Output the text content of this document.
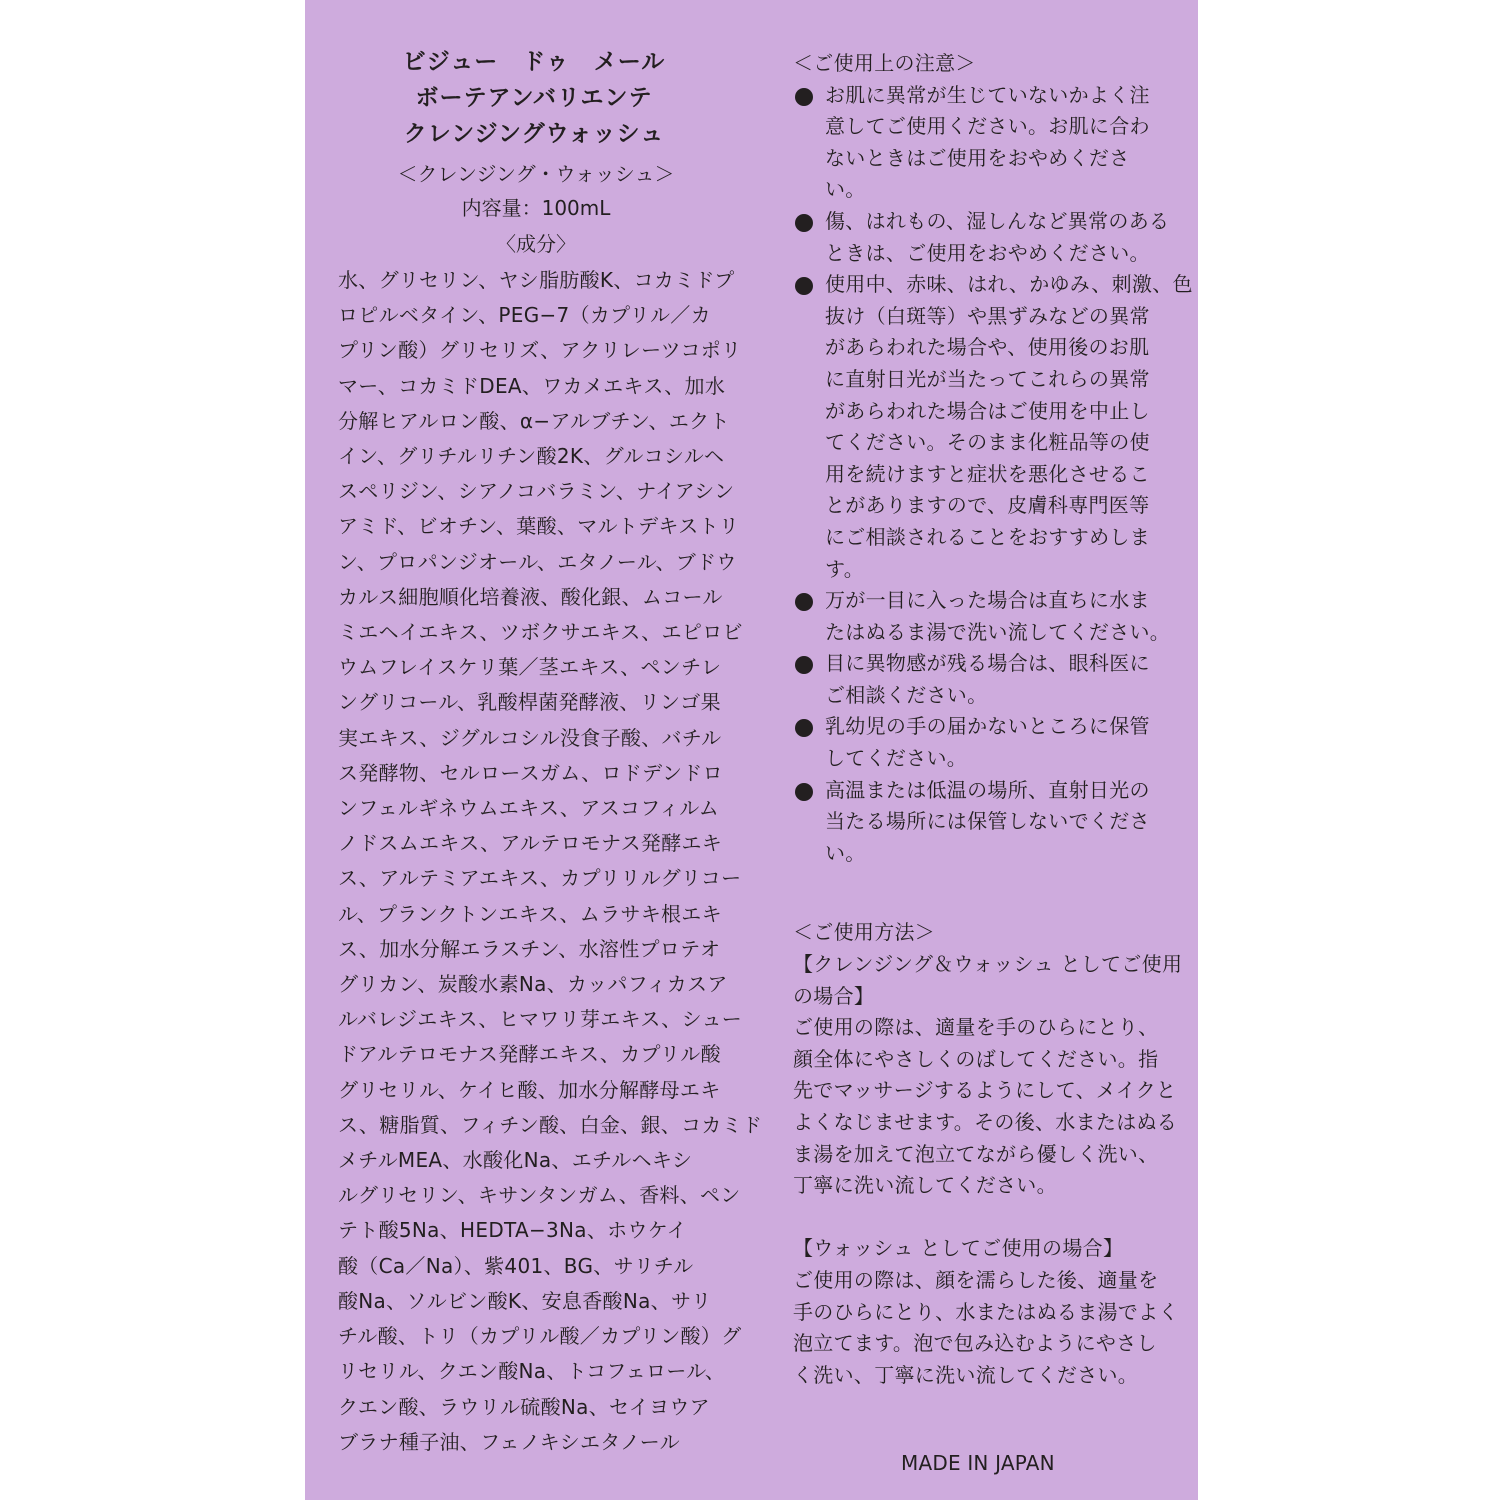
ビジュー　ドゥ　メール
ボーテアンバリエンテ
クレンジングウォッシュ
＜クレンジング・ウォッシュ＞
内容量：100mL
〈成分〉
水、グリセリン、ヤシ脂肪酸K、コカミドプ
ロピルベタイン、PEG−7（カプリル／カ
プリン酸）グリセリズ、アクリレーツコポリ
マー、コカミドDEA、ワカメエキス、加水
分解ヒアルロン酸、α−アルブチン、エクト
イン、グリチルリチン酸2K、グルコシルヘ
スペリジン、シアノコバラミン、ナイアシン
アミド、ビオチン、葉酸、マルトデキストリ
ン、プロパンジオール、エタノール、ブドウ
カルス細胞順化培養液、酸化銀、ムコール
ミエヘイエキス、ツボクサエキス、エピロビ
ウムフレイスケリ葉／茎エキス、ペンチレ
ングリコール、乳酸桿菌発酵液、リンゴ果
実エキス、ジグルコシル没食子酸、バチル
ス発酵物、セルロースガム、ロドデンドロ
ンフェルギネウムエキス、アスコフィルム
ノドスムエキス、アルテロモナス発酵エキ
ス、アルテミアエキス、カプリリルグリコー
ル、プランクトンエキス、ムラサキ根エキ
ス、加水分解エラスチン、水溶性プロテオ
グリカン、炭酸水素Na、カッパフィカスア
ルバレジエキス、ヒマワリ芽エキス、シュー
ドアルテロモナス発酵エキス、カプリル酸
グリセリル、ケイヒ酸、加水分解酵母エキ
ス、糖脂質、フィチン酸、白金、銀、コカミド
メチルMEA、水酸化Na、エチルヘキシ
ルグリセリン、キサンタンガム、香料、ペン
テト酸5Na、HEDTA−3Na、ホウケイ
酸（Ca／Na）、紫401、BG、サリチル
酸Na、ソルビン酸K、安息香酸Na、サリ
チル酸、トリ（カプリル酸／カプリン酸）グ
リセリル、クエン酸Na、トコフェロール、
クエン酸、ラウリル硫酸Na、セイヨウア
ブラナ種子油、フェノキシエタノール
＜ご使用上の注意＞
お肌に異常が生じていないかよく注
意してご使用ください。お肌に合わ
ないときはご使用をおやめくださ
い。
傷、はれもの、湿しんなど異常のある
ときは、ご使用をおやめください。
使用中、赤味、はれ、かゆみ、刺激、色
抜け（白斑等）や黒ずみなどの異常
があらわれた場合や、使用後のお肌
に直射日光が当たってこれらの異常
があらわれた場合はご使用を中止し
てください。そのまま化粧品等の使
用を続けますと症状を悪化させるこ
とがありますので、皮膚科専門医等
にご相談されることをおすすめしま
す。
万が一目に入った場合は直ちに水ま
たはぬるま湯で洗い流してください。
目に異物感が残る場合は、眼科医に
ご相談ください。
乳幼児の手の届かないところに保管
してください。
高温または低温の場所、直射日光の
当たる場所には保管しないでくださ
い。
＜ご使用方法＞
【クレンジング＆ウォッシュ としてご使用
の場合】
ご使用の際は、適量を手のひらにとり、
顔全体にやさしくのばしてください。指
先でマッサージするようにして、メイクと
よくなじませます。その後、水またはぬる
ま湯を加えて泡立てながら優しく洗い、
丁寧に洗い流してください。
【ウォッシュ としてご使用の場合】
ご使用の際は、顔を濡らした後、適量を
手のひらにとり、水またはぬるま湯でよく
泡立てます。泡で包み込むようにやさし
く洗い、丁寧に洗い流してください。
MADE IN JAPAN
